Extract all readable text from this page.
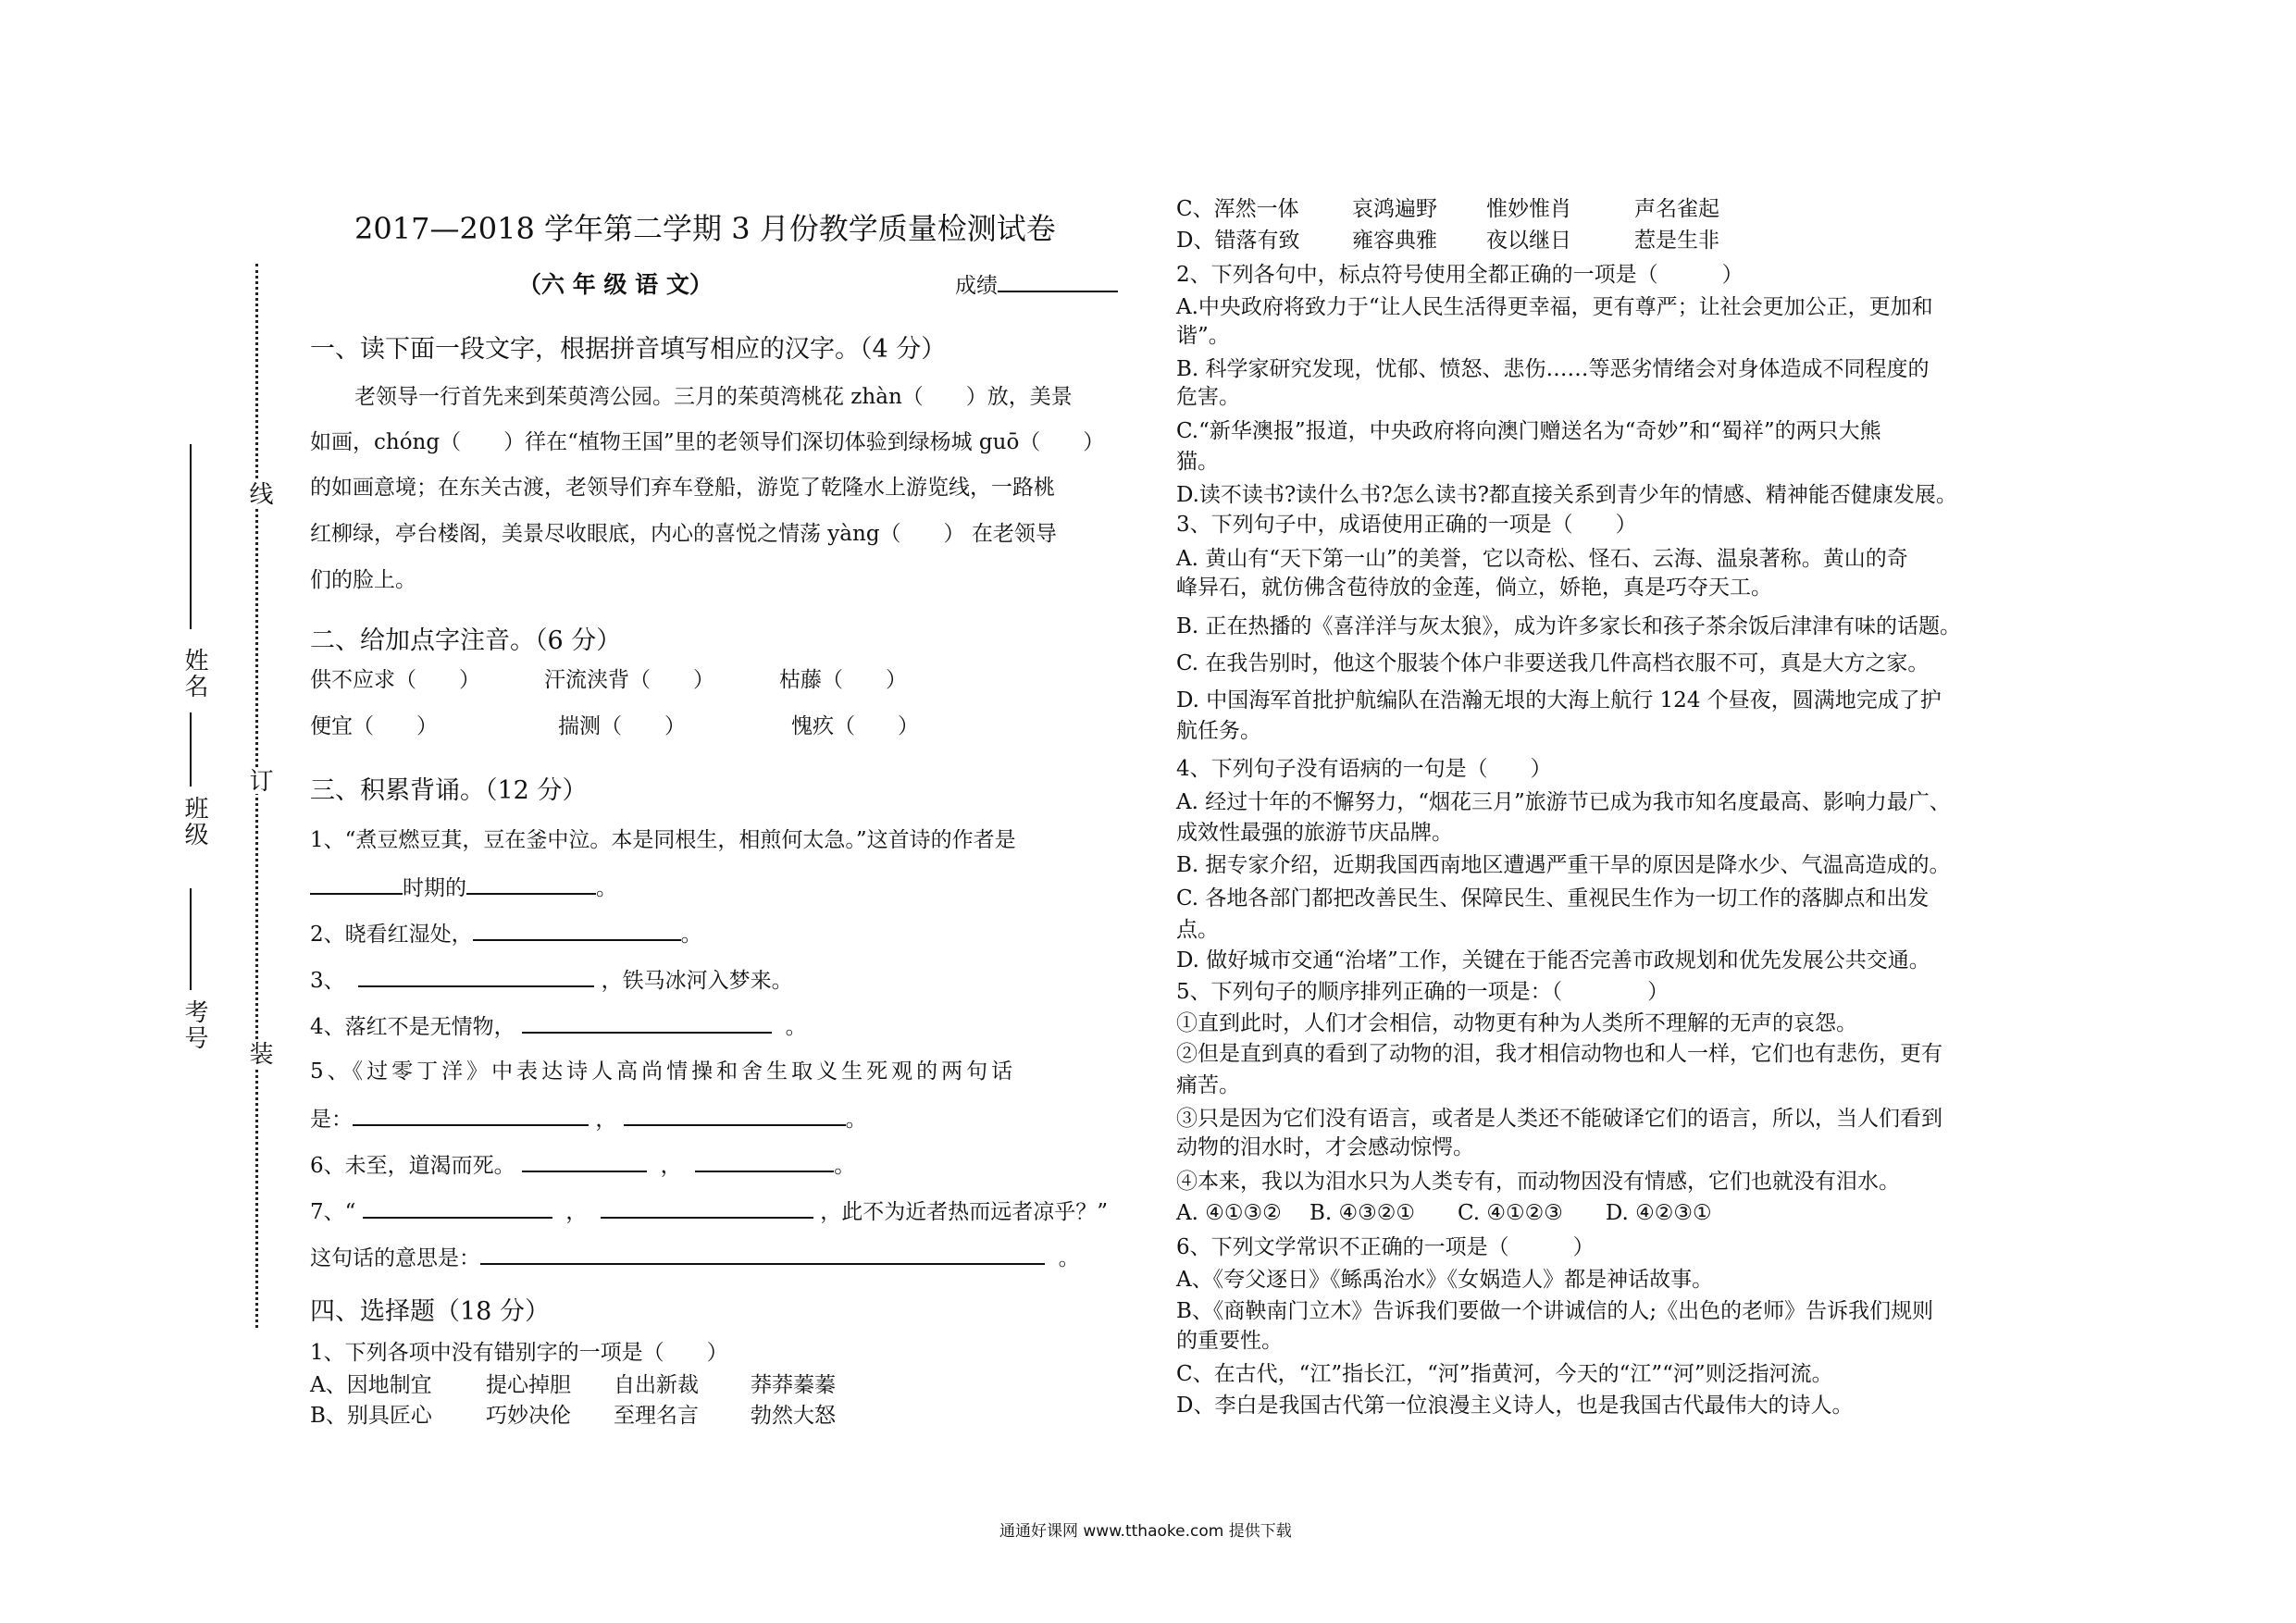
线
订
装
姓名
班级
考号
2017—2018 学年第二学期 3 月份教学质量检测试卷
（六 年 级 语 文）	成绩
一、读下面一段文字，根据拼音填写相应的汉字。（4 分）
老领导一行首先来到茱萸湾公园。三月的茱萸湾桃花 zhàn（　　）放，美景
如画，chóng（　　）徉在“植物王国”里的老领导们深切体验到绿杨城 guō（　　）
的如画意境；在东关古渡，老领导们弃车登船，游览了乾隆水上游览线，一路桃
红柳绿，亭台楼阁，美景尽收眼底，内心的喜悦之情荡 yàng（　　） 在老领导
们的脸上。
二、给加点字注音。（6 分）
供不应求（　　）	汗流浃背（　　）	枯藤（　　）
便宜（　　）	揣测（　　）	愧疚（　　）
三、积累背诵。（12 分）
1、“煮豆燃豆萁，豆在釜中泣。本是同根生，相煎何太急。”这首诗的作者是
时期的	。
2、晓看红湿处，	。
3、	，铁马冰河入梦来。
4、落红不是无情物，	。
5、《过零丁洋》中表达诗人高尚情操和舍生取义生死观的两句话
是：	，	。
6、未至，道渴而死。	，	。
7、“	，	，此不为近者热而远者凉乎？”
这句话的意思是：	。
四、选择题（18 分）
1、下列各项中没有错别字的一项是（　　）
A、因地制宜	提心掉胆 自出新裁 莽莽蓁蓁
B、别具匠心	巧妙决伦 至理名言 勃然大怒
C、浑然一体 哀鸿遍野 惟妙惟肖	声名雀起
D、错落有致 雍容典雅 夜以继日	惹是生非
2、下列各句中，标点符号使用全都正确的一项是（　　　）
A.中央政府将致力于“让人民生活得更幸福，更有尊严；让社会更加公正，更加和
谐”。
B. 科学家研究发现，忧郁、愤怒、悲伤……等恶劣情绪会对身体造成不同程度的
危害。
C.“新华澳报”报道，中央政府将向澳门赠送名为“奇妙”和“蜀祥”的两只大熊
猫。
D.读不读书?读什么书?怎么读书?都直接关系到青少年的情感、精神能否健康发展。
3、下列句子中，成语使用正确的一项是（　　）
A. 黄山有“天下第一山”的美誉，它以奇松、怪石、云海、温泉著称。黄山的奇
峰异石，就仿佛含苞待放的金莲，倘立，娇艳，真是巧夺天工。
B. 正在热播的《喜洋洋与灰太狼》，成为许多家长和孩子茶余饭后津津有味的话题。
C. 在我告别时，他这个服装个体户非要送我几件高档衣服不可，真是大方之家。
D. 中国海军首批护航编队在浩瀚无垠的大海上航行 124 个昼夜，圆满地完成了护
航任务。
4、下列句子没有语病的一句是（　　）
A. 经过十年的不懈努力，“烟花三月”旅游节已成为我市知名度最高、影响力最广、
成效性最强的旅游节庆品牌。
B. 据专家介绍，近期我国西南地区遭遇严重干旱的原因是降水少、气温高造成的。
C. 各地各部门都把改善民生、保障民生、重视民生作为一切工作的落脚点和出发
点。
D. 做好城市交通“治堵”工作，关键在于能否完善市政规划和优先发展公共交通。
5、下列句子的顺序排列正确的一项是：（　　　　）
①直到此时，人们才会相信，动物更有种为人类所不理解的无声的哀怨。
②但是直到真的看到了动物的泪，我才相信动物也和人一样，它们也有悲伤，更有
痛苦。
③只是因为它们没有语言，或者是人类还不能破译它们的语言，所以，当人们看到
动物的泪水时，才会感动惊愕。
④本来，我以为泪水只为人类专有，而动物因没有情感，它们也就没有泪水。
A. ④①③②　 B. ④③②①　　C. ④①②③　　D. ④②③①
6、下列文学常识不正确的一项是（　　　）
A、《夸父逐日》《鲧禹治水》《女娲造人》都是神话故事。
B、《商鞅南门立木》告诉我们要做一个讲诚信的人;《出色的老师》告诉我们规则
的重要性。
C、在古代，“江”指长江，“河”指黄河，今天的“江”“河”则泛指河流。
D、李白是我国古代第一位浪漫主义诗人，也是我国古代最伟大的诗人。
通通好课网 www.tthaoke.com 提供下载
